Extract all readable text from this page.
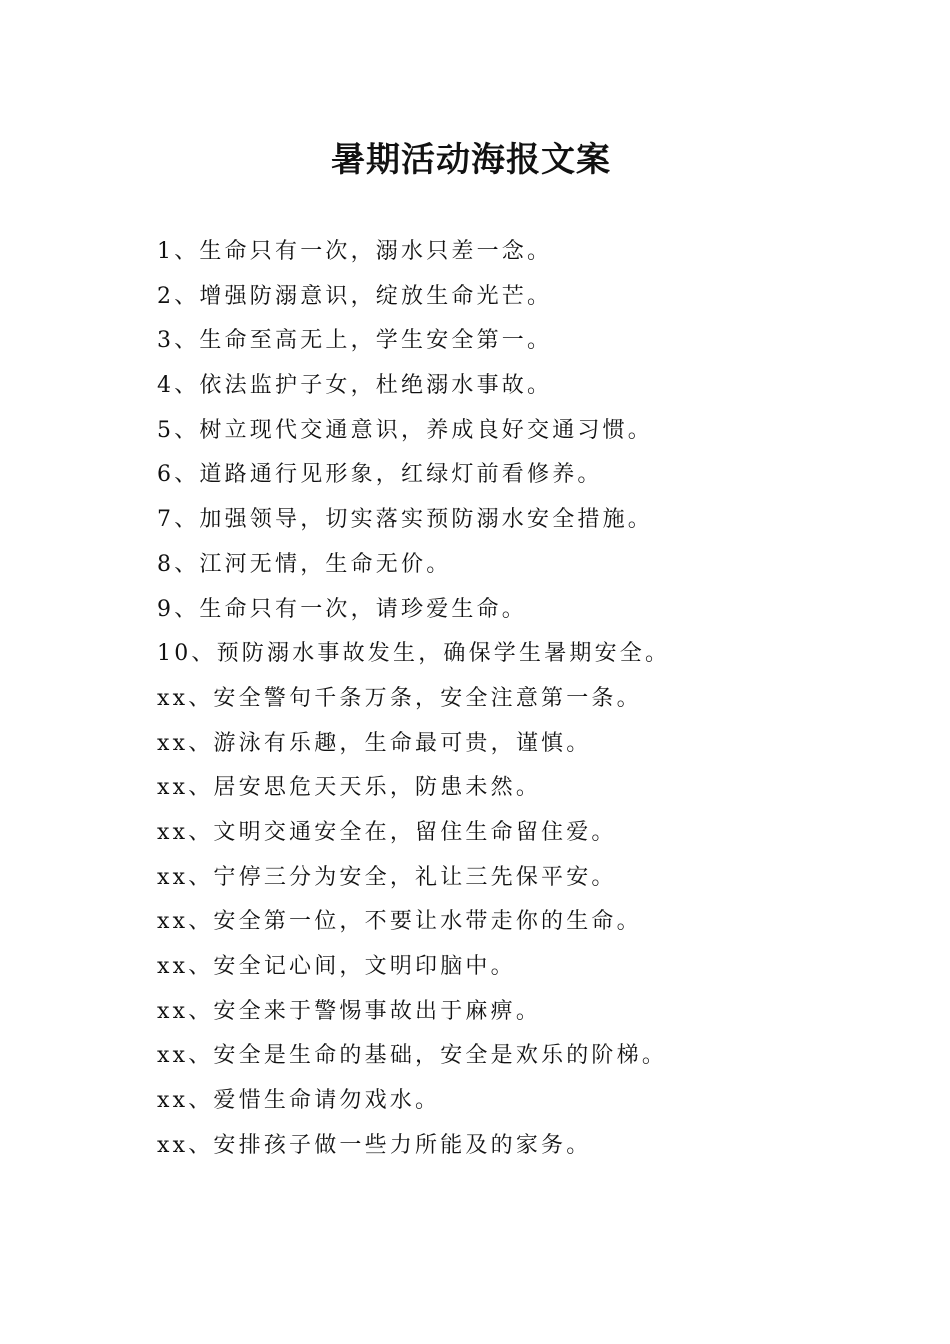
暑期活动海报文案
1、生命只有一次，溺水只差一念。
2、增强防溺意识，绽放生命光芒。
3、生命至高无上，学生安全第一。
4、依法监护子女，杜绝溺水事故。
5、树立现代交通意识，养成良好交通习惯。
6、道路通行见形象，红绿灯前看修养。
7、加强领导，切实落实预防溺水安全措施。
8、江河无情，生命无价。
9、生命只有一次，请珍爱生命。
10、预防溺水事故发生，确保学生暑期安全。
xx、安全警句千条万条，安全注意第一条。
xx、游泳有乐趣，生命最可贵，谨慎。
xx、居安思危天天乐，防患未然。
xx、文明交通安全在，留住生命留住爱。
xx、宁停三分为安全，礼让三先保平安。
xx、安全第一位，不要让水带走你的生命。
xx、安全记心间，文明印脑中。
xx、安全来于警惕事故出于麻痹。
xx、安全是生命的基础，安全是欢乐的阶梯。
xx、爱惜生命请勿戏水。
xx、安排孩子做一些力所能及的家务。
